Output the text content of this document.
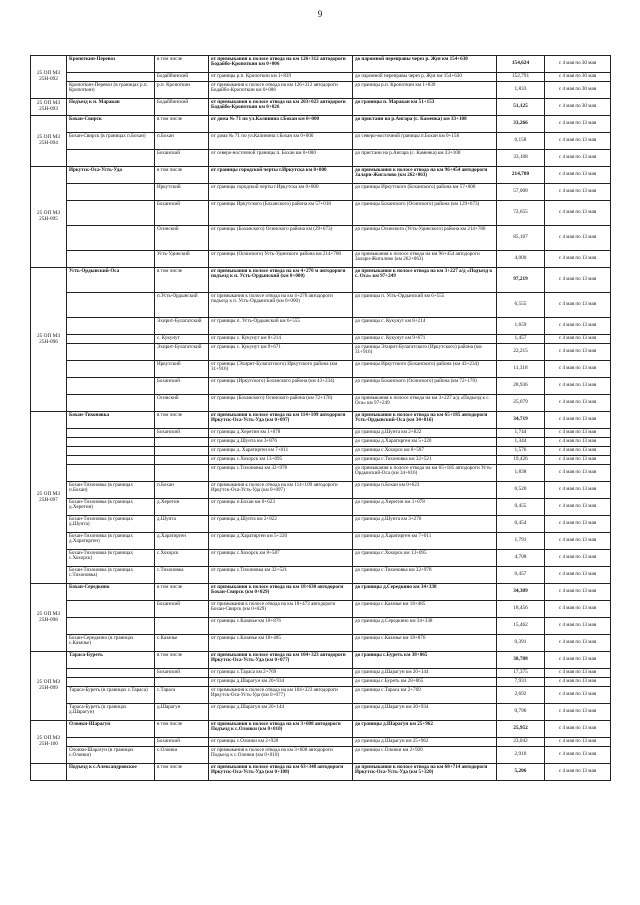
9
25 ОП МЗ 25Н-092	Кропоткин-Перевоз	в том числе	от примыкания к полосе отвода на км 126+312 автодороги Бодайбо-Кропоткин км 0+006	до паромной переправы через р. Жуя км 154+630	154,624	с 4 мая по 30 мая
		Бодайбинский	от границы р.п. Кропоткин км 1+839	до паромной переправы через р. Жуя км 154+630	152,791	с 4 мая по 30 мая
	Кропоткин-Перевоз (в границах р.п. Кропоткин)	р.п. Кропоткин	от примыкания к полосе отвода на км 126+312 автодороги Бодайбо-Кропоткин км 0+006	до границы р.п. Кропоткин км 1+839	1,833	с 4 мая по 30 мая
25 ОП МЗ 25Н-093	Подъезд к п. Маракан	Бодайбинский	от примыкания к полосе отвода на км 203+023 автодороги Бодайбо-Кропоткин км 0+026	до границы п. Маракан км 51+153	51,125	с 4 мая по 30 мая
25 ОП МЗ 25Н-094	Бохан-Свирск	в том числе	от дома № 71 по ул.Калинина г.Бохан км 0+000	до пристани на р.Ангара (с. Каменка) км 33+108	33,266	с 4 мая по 13 мая
	Бохан-Свирск (в границах п.Бохан)	п.Бохан	от дома № 71 по ул.Калинина г.Бохан км 0+000	до северо-восточной границы п.Бохан км 0+158	0,158	с 4 мая по 13 мая
		Боханский	от северо-восточной границы п. Бохан км 0+000	до пристани на р.Ангара (с. Каменка) км 33+108	33,108	с 4 мая по 13 мая
25 ОП МЗ 25Н-095	Иркутск-Оса-Усть-Уда	в том числе	от границы городской черты г.Иркутска км 0+000	до примыкания к полосе отвода на км 96+454 автодороги Залари-Жигалово (км 262+063)	214,780	с 4 мая по 13 мая
		Иркутский	от границы городской черты г.Иркутска км 0+000	до границы Иркутского (Боханского) района км 57+008	57,008	с 4 мая по 13 мая
		Боханский	от границы Иркутского (Боханского) района км 57+018	до границы Боханского (Осинского) района (км 129+673)	72,655	с 4 мая по 13 мая
		Осинский	от границы (Боханского) Осинского района км (29+673)	до границы Осинского (Усть-Удинского) района км 214+780	85,107	с 4 мая по 13 мая
		Усть-Удинский	от границы (Осинского) Усть-Удинского района км 214+780	до примыкания к полосе отвода на км 96+454 автодороги Залари-Жигалово (км 262+063)	4,000	с 4 мая по 13 мая
25 ОП МЗ 25Н-096	Усть-Ордынский-Оса	в том числе	от примыкания к полосе отвода на км 4+270 м автодороги подъезд к п. Усть-Ордынский (км 0+000)	до примыкания к полосе отвода на км 3+227 а/д «Подъезд к с. Оса» км 97+249	97,219	с 4 мая по 13 мая
		п.Усть-Ордынский	от примыкания к полосе отвода на км 4+270 автодороги подъезд к п. Усть-Ордынский (км 0+000)	до границы п. Усть-Ордынский км 6+555	6,555	с 4 мая по 13 мая
		Эхирит-Булагатский	от границы п. Усть-Ордынский км 6+555	до границы с. Кукунут км 8+214	1,659	с 4 мая по 13 мая
		с. Кукунут	от границы с. Кукунут км 8+214	до границы с. Кукунут км 9+671	1,457	с 4 мая по 13 мая
		Эхирит-Булагатский	от границы с. Кукунут км 9+671	до границы Эхирит-Булагатского (Иркутского) района (км 31+916)	22,215	с 4 мая по 13 мая
		Иркутский	от границы (Эхирит-Булагатского) Иркутского района (км 31+916)	до границы Иркутского (Боханского) района (км 43+234)	11,318	с 4 мая по 13 мая
		Боханский	от границы (Иркутского) Боханского района (км 43+234)	до границы Боханского (Осинского) района (км 72+170)	28,936	с 4 мая по 13 мая
		Осинский	от границы (Боханского) Осинского района (км 72+170)	до примыкания к полосе отвода на км 3+227 а/д «Подъезд к с. Оса» км 97+249	25,079	с 4 мая по 13 мая
25 ОП МЗ 25Н-097	Бохан-Тихоновка	в том числе	от примыкания к полосе отвода на км 114+109 автодороги Иркутск-Оса-Усть-Уда (км 0+097)	до примыкания к полосе отвода на км 65+185 автодороги Усть-Ордынский-Оса (км 34+816)	34,719	с 4 мая по 13 мая
		Боханский	от границы д.Херетин км 1+078	до границы д.Шунта км 2+822	1,744	с 4 мая по 13 мая
			от границы д.Шунта км 3+876	до границы д.Харатирген км 5+220	1,344	с 4 мая по 13 мая
			от границы д. Харатирген км 7+011	до границы с.Хохорск км 8+587	1,576	с 4 мая по 13 мая
			от границы с.Хохорск км 13+095	до границы с.Тихоновка км 32+521	19,426	с 4 мая по 13 мая
			от границы с.Тихоновка км 32+978	до примыкания к полосе отвода на км 65+185 автодороги Усть-Ордынский-Оса (км 34+816)	1,838	с 4 мая по 13 мая
	Бохан-Тихоновка (в границах п.Бохан)	п.Бохан	от примыкания к полосе отвода на км 114+109 автодороги Иркутск-Оса-Усть-Уда (км 0+097)	до границы п.Бохан км 0+623	0,526	с 4 мая по 13 мая
	Бохан-Тихоновка (в границах д.Херетин)	д.Херетин	от границы п.Бохан км 0+623	до границы д.Херетин км 1+078	0,455	с 4 мая по 13 мая
	Бохан-Тихоновка (в границах д.Шунта)	д.Шунта	от границы д.Шунта км 2+822	до границы д.Шунта км 3+276	0,454	с 4 мая по 13 мая
	Бохан-Тихоновка (в границах д.Харатирген)	д.Харатирген	от границы д.Харатирген км 5+220	до границы д.Харатирген км 7+011	1,791	с 4 мая по 13 мая
	Бохан-Тихоновка (в границах с.Хохорск)	с.Хохорск	от границы с.Хохорск км 8+587	до границы с.Хохорск км 13+095	4,708	с 4 мая по 13 мая
	Бохан-Тихоновка (в границах с.Тихоновка)	с.Тихоновка	от границы с.Тихоновка км 32+521	до границы с.Тихоновка км 32+978	0,457	с 4 мая по 13 мая
25 ОП МЗ 25Н-098	Бохан-Середкино	в том числе	от примыкания к полосе отвода на км 18+630 автодороги Бохан-Свирск (км 0+029)	до границы д.Середкино км 34+338	34,309	с 4 мая по 13 мая
		Боханский	от примыкания к полосе отвода на км 18+473 автодороги Бохан-Свирск (км 0+029)	до границы с.Казачье км 18+485	18,456	с 4 мая по 13 мая
			от границы с.Казачье км 18+876	до границы д.Середкино км 34+338	15,462	с 4 мая по 13 мая
	Бохан-Середкино (в границах с.Казачье)	с.Казачье	от границы с.Казачье км 18+485	до границы с.Казачье км 18+876	0,391	с 4 мая по 13 мая
25 ОП МЗ 25Н-099	Тараса-Буреть	в том числе	от примыкания к полосе отвода на км 104+323 автодороги Иркутск-Оса-Усть-Уда (км 0+077)	до границы с.Буреть км 38+865	38,788	с 4 мая по 13 мая
		Боханский	от границы с.Тараса км 2+769	до границы д.Шарагун км 20+144	17,375	с 4 мая по 13 мая
			от границы д.Шарагун км 20+934	до границы с.Буреть км 28+865	7,931	с 4 мая по 13 мая
	Тараса-Буреть (в границах с.Тараса)	с.Тараса	от примыкания к полосе отвода на км 104+323 автодороги Иркутск-Оса-Усть-Уда (км 0+077)	до границы с.Тараса км 2+769	2,692	с 4 мая по 13 мая
	Тараса-Буреть (в границах д.Шарагун)	д.Шарагун	от границы д.Шарагун км 20+144	до границы д.Шарагун км 20+934	0,790	с 4 мая по 13 мая
25 ОП МЗ 25Н-100	Олонки-Шарагун	в том числе	от примыкания к полосе отвода на км 3+608 автодороги Подъезд к с.Олонки (км 0+010)	до границы д.Шарагун км 25+962	25,952	с 4 мая по 13 мая
		Боханский	от границы с.Олонки км 2+920	до границы д.Шарагун км 25+962	23,042	с 4 мая по 13 мая
	Олонки-Шарагун (в границах с.Олонки)	с.Олонки	от примыкания к полосе отвода на км 3+608 автодороги Подъезд к с.Олонки (км 0+010)	до границы с.Олонки км 2+920	2,910	с 4 мая по 13 мая
	Подъезд к с.Александровское	в том числе	от примыкания к полосе отвода на км 63+348 автодороги Иркутск-Оса-Усть-Уда (км 0+108)	до примыкания к полосе отвода на км 68+714 автодороги Иркутск-Оса-Усть-Уда (км 5+320)	5,206	с 4 мая по 13 мая
